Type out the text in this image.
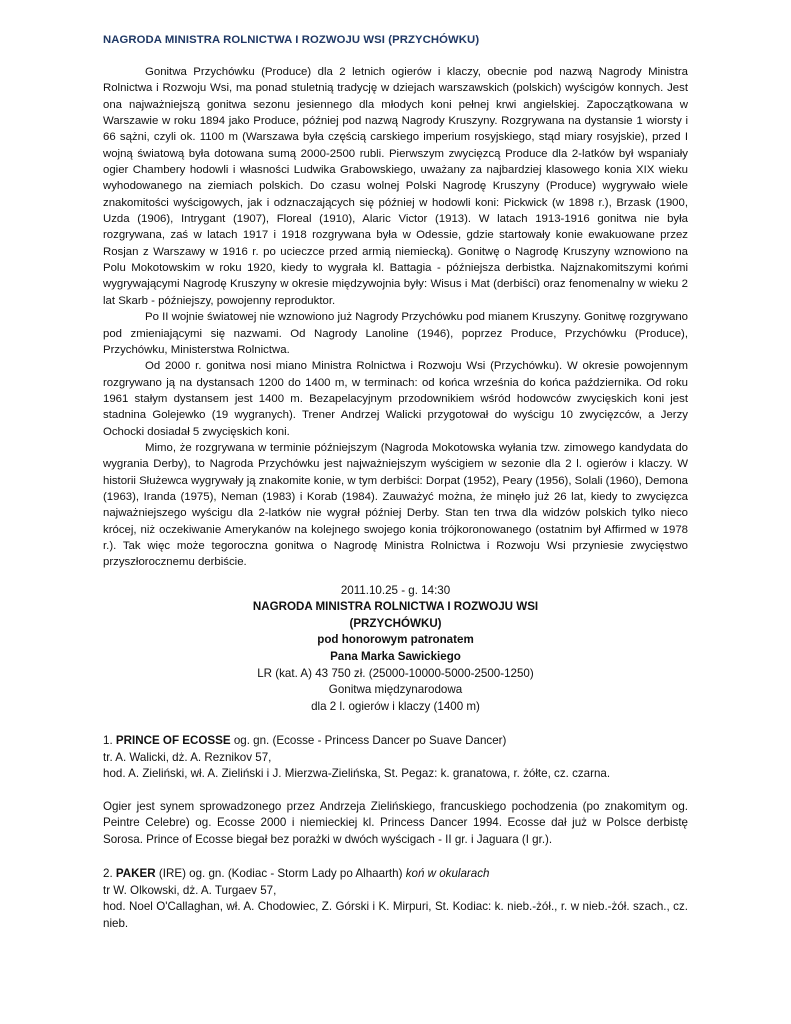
NAGRODA MINISTRA ROLNICTWA I ROZWOJU WSI (PRZYCHÓWKU)

Gonitwa Przychówku (Produce) dla 2 letnich ogierów i klaczy, obecnie pod nazwą Nagrody Ministra Rolnictwa i Rozwoju Wsi, ma ponad stuletnią tradycję w dziejach warszawskich (polskich) wyścigów konnych. Jest ona najważniejszą gonitwa sezonu jesiennego dla młodych koni pełnej krwi angielskiej. Zapoczątkowana w Warszawie w roku 1894 jako Produce, później pod nazwą Nagrody Kruszyny. Rozgrywana na dystansie 1 wiorsty i 66 sążni, czyli ok. 1100 m (Warszawa była częścią carskiego imperium rosyjskiego, stąd miary rosyjskie), przed I wojną światową była dotowana sumą 2000-2500 rubli. Pierwszym zwycięzcą Produce dla 2-latków był wspaniały ogier Chambery hodowli i własności Ludwika Grabowskiego, uważany za najbardziej klasowego konia XIX wieku wyhodowanego na ziemiach polskich. Do czasu wolnej Polski Nagrodę Kruszyny (Produce) wygrywało wiele znakomitości wyścigowych, jak i odznaczających się później w hodowli koni: Pickwick (w 1898 r.), Brzask (1900, Uzda (1906), Intrygant (1907), Floreal (1910), Alaric Victor (1913). W latach 1913-1916 gonitwa nie była rozgrywana, zaś w latach 1917 i 1918 rozgrywana była w Odessie, gdzie startowały konie ewakuowane przez Rosjan z Warszawy w 1916 r. po ucieczce przed armią niemiecką). Gonitwę o Nagrodę Kruszyny wznowiono na Polu Mokotowskim w roku 1920, kiedy to wygrała kl. Battagia - późniejsza derbistka. Najznakomitszymi końmi wygrywającymi Nagrodę Kruszyny w okresie międzywojnia były: Wisus i Mat (derbiści) oraz fenomenalny w wieku 2 lat Skarb - późniejszy, powojenny reproduktor.

Po II wojnie światowej nie wznowiono już Nagrody Przychówku pod mianem Kruszyny. Gonitwę rozgrywano pod zmieniającymi się nazwami. Od Nagrody Lanoline (1946), poprzez Produce, Przychówku (Produce), Przychówku, Ministerstwa Rolnictwa.

Od 2000 r. gonitwa nosi miano Ministra Rolnictwa i Rozwoju Wsi (Przychówku). W okresie powojennym rozgrywano ją na dystansach 1200 do 1400 m, w terminach: od końca września do końca października. Od roku 1961 stałym dystansem jest 1400 m. Bezapelacyjnym przodownikiem wśród hodowców zwycięskich koni jest stadnina Golejewko (19 wygranych). Trener Andrzej Walicki przygotował do wyścigu 10 zwycięzców, a Jerzy Ochocki dosiadał 5 zwycięskich koni.

Mimo, że rozgrywana w terminie późniejszym (Nagroda Mokotowska wyłania tzw. zimowego kandydata do wygrania Derby), to Nagroda Przychówku jest najważniejszym wyścigiem w sezonie dla 2 l. ogierów i klaczy. W historii Służewca wygrywały ją znakomite konie, w tym derbiści: Dorpat (1952), Peary (1956), Solali (1960), Demona (1963), Iranda (1975), Neman (1983) i Korab (1984). Zauważyć można, że minęło już 26 lat, kiedy to zwycięzca najważniejszego wyścigu dla 2-latków nie wygrał później Derby. Stan ten trwa dla widzów polskich tylko nieco krócej, niż oczekiwanie Amerykanów na kolejnego swojego konia trójkoronowanego (ostatnim był Affirmed w 1978 r.). Tak więc może tegoroczna gonitwa o Nagrodę Ministra Rolnictwa i Rozwoju Wsi przyniesie zwycięstwo przyszłorocznemu derbiście.

2011.10.25 - g. 14:30
NAGRODA MINISTRA ROLNICTWA I ROZWOJU WSI
(PRZYCHÓWKU)
pod honorowym patronatem
Pana Marka Sawickiego
LR (kat. A) 43 750 zł. (25000-10000-5000-2500-1250)
Gonitwa międzynarodowa
dla 2 l. ogierów i klaczy (1400 m)

1. PRINCE OF ECOSSE og. gn. (Ecosse - Princess Dancer po Suave Dancer)

tr. A. Walicki, dż. A. Reznikov 57,

hod. A. Zieliński, wł. A. Zieliński i J. Mierzwa-Zielińska, St. Pegaz: k. granatowa, r. żółte, cz. czarna.

Ogier jest synem sprowadzonego przez Andrzeja Zielińskiego, francuskiego pochodzenia (po znakomitym og. Peintre Celebre) og. Ecosse 2000 i niemieckiej kl. Princess Dancer 1994. Ecosse dał już w Polsce derbistę Sorosa. Prince of Ecosse biegał bez porażki w dwóch wyścigach - II gr. i Jaguara (I gr.).

2. PAKER (IRE) og. gn. (Kodiac - Storm Lady po Alhaarth) koń w okularach

tr W. Olkowski, dż. A. Turgaev 57,

hod. Noel O'Callaghan, wł. A. Chodowiec, Z. Górski i K. Mirpuri, St. Kodiac: k. nieb.-żół., r. w nieb.-żół. szach., cz. nieb.
